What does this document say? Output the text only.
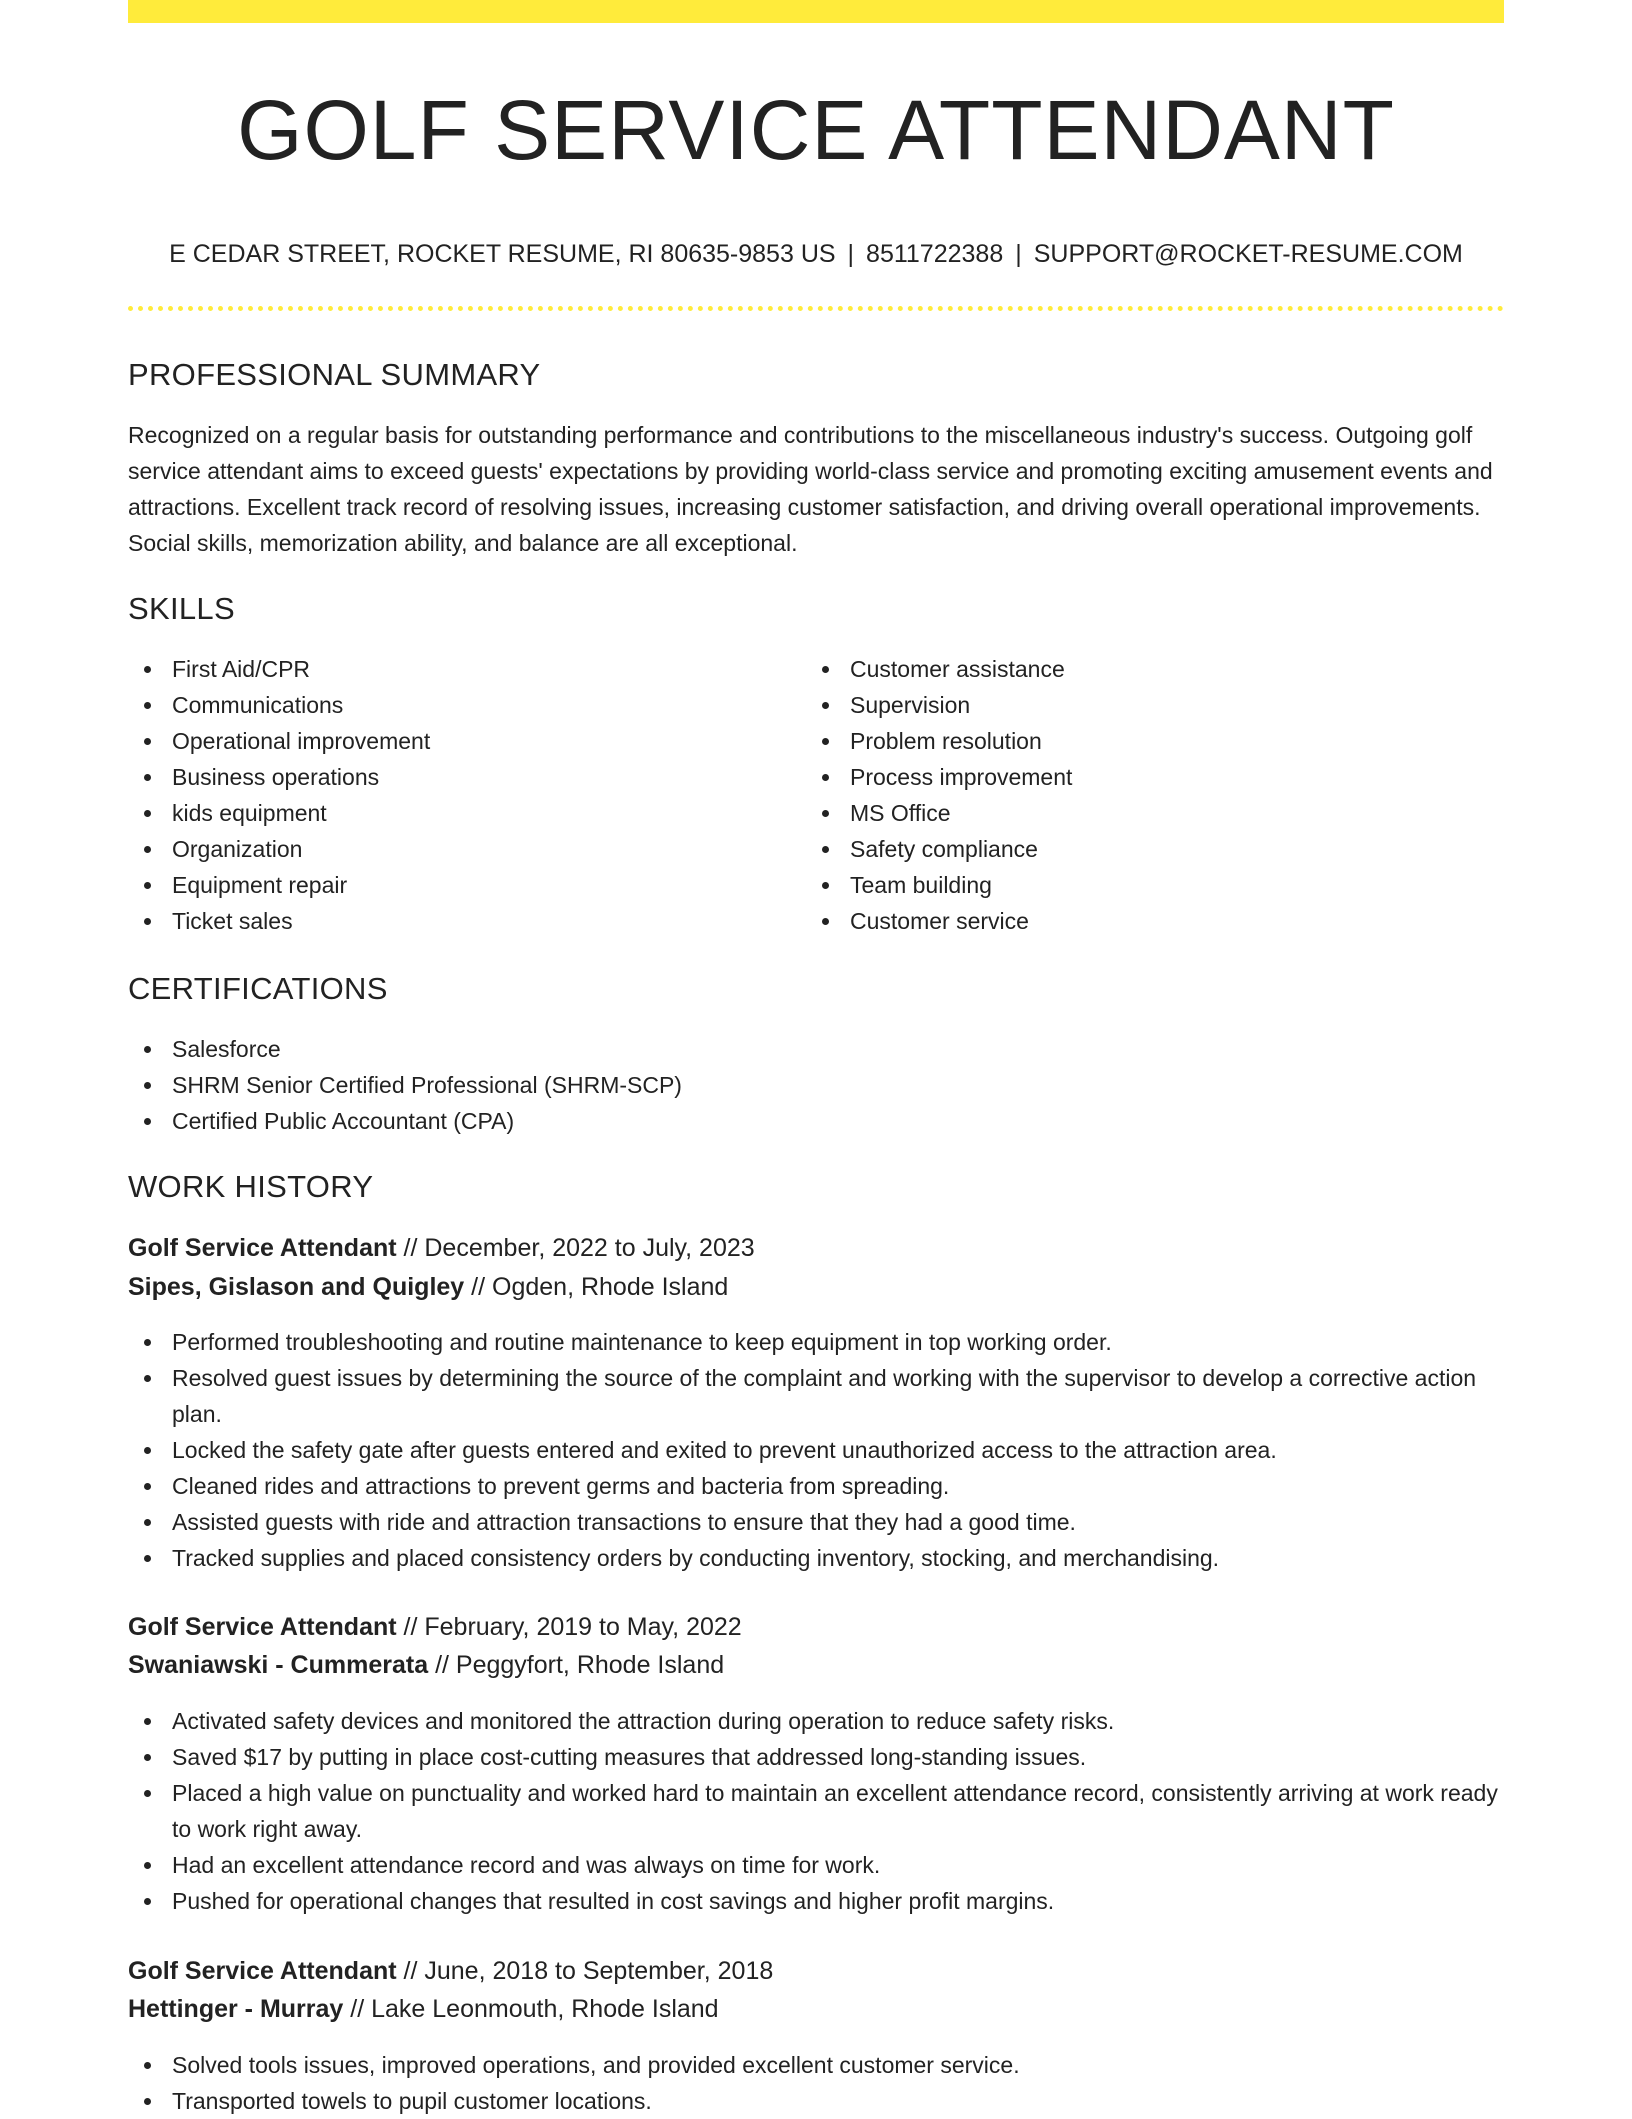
GOLF SERVICE ATTENDANT
E CEDAR STREET, ROCKET RESUME, RI 80635-9853 US | 8511722388 | SUPPORT@ROCKET-RESUME.COM
PROFESSIONAL SUMMARY
Recognized on a regular basis for outstanding performance and contributions to the miscellaneous industry's success. Outgoing golf service attendant aims to exceed guests' expectations by providing world-class service and promoting exciting amusement events and attractions. Excellent track record of resolving issues, increasing customer satisfaction, and driving overall operational improvements. Social skills, memorization ability, and balance are all exceptional.
SKILLS
First Aid/CPR
Communications
Operational improvement
Business operations
kids equipment
Organization
Equipment repair
Ticket sales
Customer assistance
Supervision
Problem resolution
Process improvement
MS Office
Safety compliance
Team building
Customer service
CERTIFICATIONS
Salesforce
SHRM Senior Certified Professional (SHRM-SCP)
Certified Public Accountant (CPA)
WORK HISTORY
Golf Service Attendant // December, 2022 to July, 2023
Sipes, Gislason and Quigley // Ogden, Rhode Island
Performed troubleshooting and routine maintenance to keep equipment in top working order.
Resolved guest issues by determining the source of the complaint and working with the supervisor to develop a corrective action plan.
Locked the safety gate after guests entered and exited to prevent unauthorized access to the attraction area.
Cleaned rides and attractions to prevent germs and bacteria from spreading.
Assisted guests with ride and attraction transactions to ensure that they had a good time.
Tracked supplies and placed consistency orders by conducting inventory, stocking, and merchandising.
Golf Service Attendant // February, 2019 to May, 2022
Swaniawski - Cummerata // Peggyfort, Rhode Island
Activated safety devices and monitored the attraction during operation to reduce safety risks.
Saved $17 by putting in place cost-cutting measures that addressed long-standing issues.
Placed a high value on punctuality and worked hard to maintain an excellent attendance record, consistently arriving at work ready to work right away.
Had an excellent attendance record and was always on time for work.
Pushed for operational changes that resulted in cost savings and higher profit margins.
Golf Service Attendant // June, 2018 to September, 2018
Hettinger - Murray // Lake Leonmouth, Rhode Island
Solved tools issues, improved operations, and provided excellent customer service.
Transported towels to pupil customer locations.
